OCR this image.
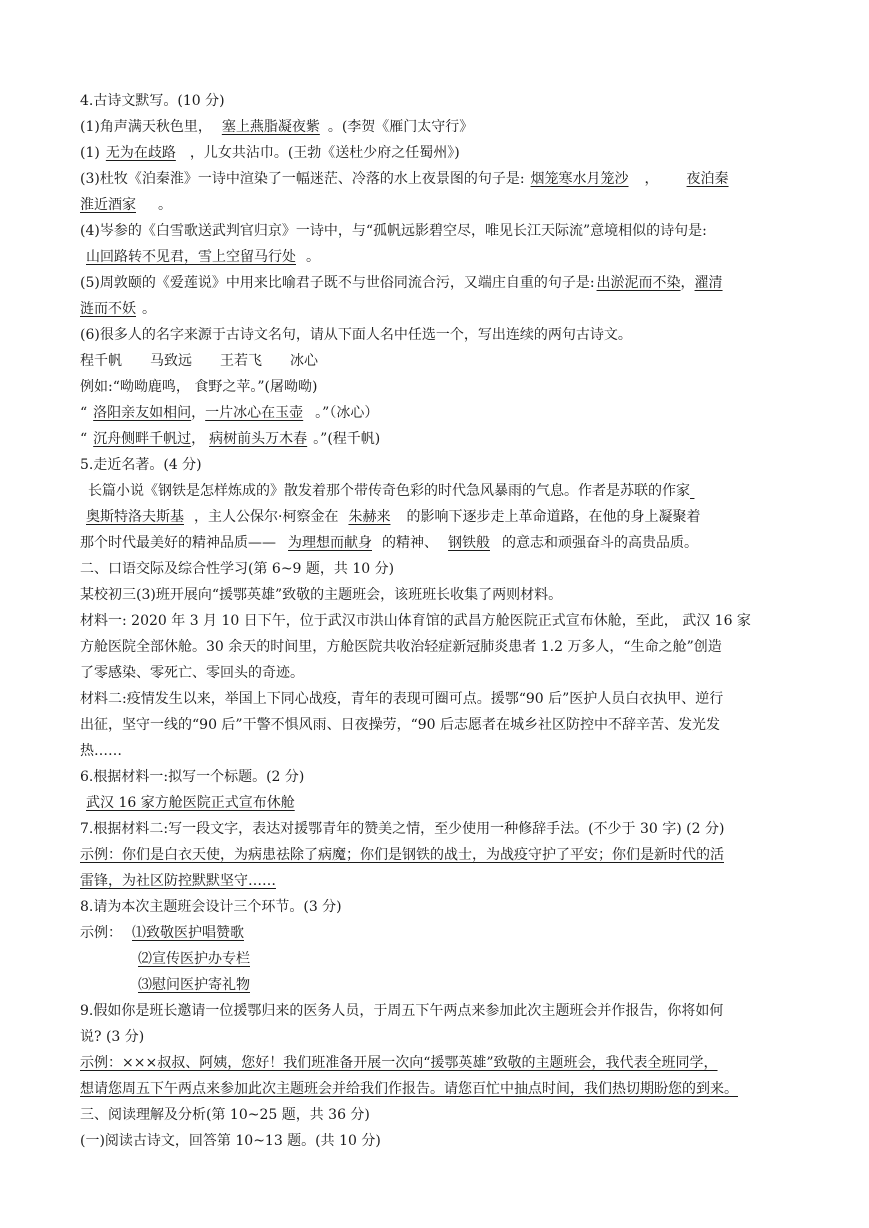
4.古诗文默写。(10 分)
(1)角声满天秋色里， 塞上燕脂凝夜紫 。(李贺《雁门太守行》
(1) 无为在歧路 ，儿女共沾巾。(王勃《送杜少府之任蜀州》)
(3)杜牧《泊秦淮》一诗中渲染了一幅迷茫、冷落的水上夜景图的句子是: 烟笼寒水月笼沙 ， 夜泊秦
淮近酒家 。
(4)岑参的《白雪歌送武判官归京》一诗中，与“孤帆远影碧空尽，唯见长江天际流”意境相似的诗句是:
山回路转不见君，雪上空留马行处 。
(5)周敦颐的《爱莲说》中用来比喻君子既不与世俗同流合污，又端庄自重的句子是: 出淤泥而不染，濯清
涟而不妖 。
(6)很多人的名字来源于古诗文名句，请从下面人名中任选一个，写出连续的两句古诗文。
程千帆 马致远 王若飞 冰心
例如:“呦呦鹿鸣， 食野之苹。”(屠呦呦)
“ 洛阳亲友如相问，一片冰心在玉壶 。”（冰心）
“ 沉舟侧畔千帆过， 病树前头万木春 。”(程千帆)
5.走近名著。(4 分)
长篇小说《钢铁是怎样炼成的》散发着那个带传奇色彩的时代急风暴雨的气息。作者是苏联的作家
奥斯特洛夫斯基 ，主人公保尔·柯察金在 朱赫来 的影响下逐步走上革命道路，在他的身上凝聚着
那个时代最美好的精神品质—— 为理想而献身 的精神、 钢铁般 的意志和顽强奋斗的高贵品质。
二、口语交际及综合性学习(第 6~9 题，共 10 分)
某校初三(3)班开展向“援鄂英雄”致敬的主题班会，该班班长收集了两则材料。
材料一: 2020 年 3 月 10 日下午，位于武汉市洪山体育馆的武昌方舱医院正式宣布休舱，至此， 武汉 16 家
方舱医院全部休舱。30 余天的时间里，方舱医院共收治轻症新冠肺炎患者 1.2 万多人，“生命之舱”创造
了零感染、零死亡、零回头的奇迹。
材料二:疫情发生以来，举国上下同心战疫，青年的表现可圈可点。援鄂“90 后”医护人员白衣执甲、逆行
出征，坚守一线的“90 后”干警不惧风雨、日夜操劳，“90 后志愿者在城乡社区防控中不辞辛苦、发光发
热……
6.根据材料一:拟写一个标题。(2 分)
武汉 16 家方舱医院正式宣布休舱
7.根据材料二:写一段文字，表达对援鄂青年的赞美之情，至少使用一种修辞手法。(不少于 30 字) (2 分)
示例：你们是白衣天使，为病患祛除了病魔；你们是钢铁的战士，为战疫守护了平安；你们是新时代的活
雷锋，为社区防控默默坚守……
8.请为本次主题班会设计三个环节。(3 分)
示例： ⑴致敬医护唱赞歌
⑵宣传医护办专栏
⑶慰问医护寄礼物
9.假如你是班长邀请一位援鄂归来的医务人员，于周五下午两点来参加此次主题班会并作报告，你将如何
说? (3 分)
示例：×××叔叔、阿姨，您好！我们班准备开展一次向“援鄂英雄”致敬的主题班会，我代表全班同学，
想请您周五下午两点来参加此次主题班会并给我们作报告。请您百忙中抽点时间，我们热切期盼您的到来。
三、阅读理解及分析(第 10~25 题，共 36 分)
(一)阅读古诗文，回答第 10~13 题。(共 10 分)
